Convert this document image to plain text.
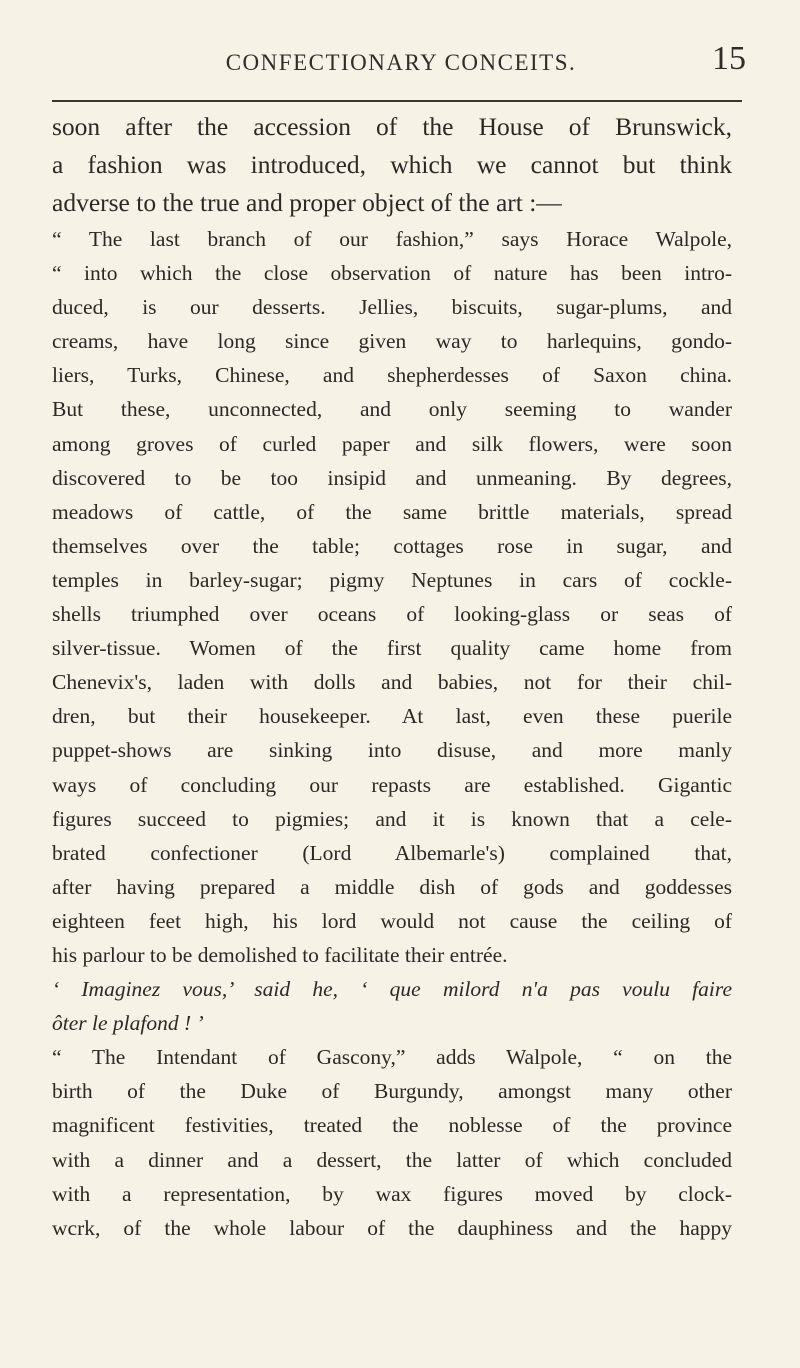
CONFECTIONARY CONCEITS.	15
soon after the accession of the House of Brunswick,
a fashion was introduced, which we cannot but think
adverse to the true and proper object of the art :—
“ The last branch of our fashion,” says Horace Walpole,
“ into which the close observation of nature has been intro-
duced, is our desserts. Jellies, biscuits, sugar-plums, and
creams, have long since given way to harlequins, gondo-
liers, Turks, Chinese, and shepherdesses of Saxon china.
But these, unconnected, and only seeming to wander
among groves of curled paper and silk flowers, were soon
discovered to be too insipid and unmeaning. By degrees,
meadows of cattle, of the same brittle materials, spread
themselves over the table; cottages rose in sugar, and
temples in barley-sugar; pigmy Neptunes in cars of cockle-
shells triumphed over oceans of looking-glass or seas of
silver-tissue. Women of the first quality came home from
Chenevix's, laden with dolls and babies, not for their chil-
dren, but their housekeeper. At last, even these puerile
puppet-shows are sinking into disuse, and more manly
ways of concluding our repasts are established. Gigantic
figures succeed to pigmies; and it is known that a cele-
brated confectioner (Lord Albemarle's) complained that,
after having prepared a middle dish of gods and goddesses
eighteen feet high, his lord would not cause the ceiling of
his parlour to be demolished to facilitate their entrée.
‘ Imaginez vous,’ said he, ‘ que milord n'a pas voulu faire
ôter le plafond ! ’
“ The Intendant of Gascony,” adds Walpole, “ on the
birth of the Duke of Burgundy, amongst many other
magnificent festivities, treated the noblesse of the province
with a dinner and a dessert, the latter of which concluded
with a representation, by wax figures moved by clock-
wcrk, of the whole labour of the dauphiness and the happy
